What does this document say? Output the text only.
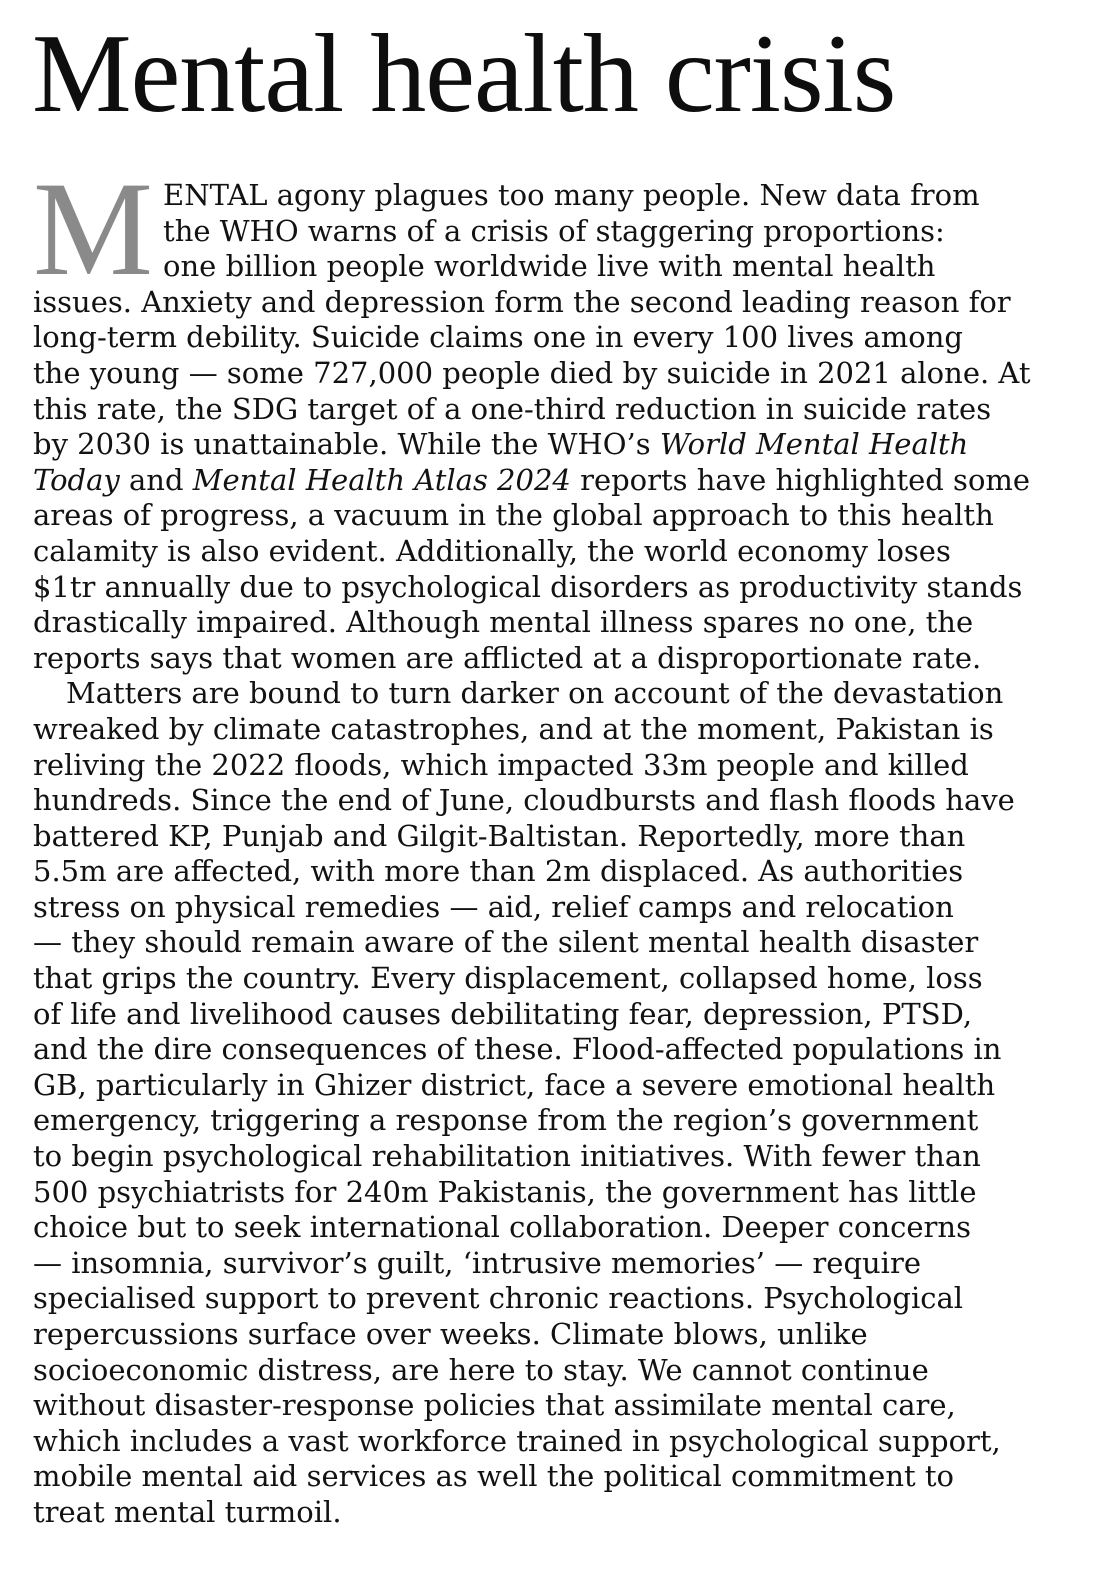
Mental health crisis

M ENTAL agony plagues too many people. New data from
the WHO warns of a crisis of staggering proportions:
one billion people worldwide live with mental health
issues. Anxiety and depression form the second leading reason for
long-term debility. Suicide claims one in every 100 lives among
the young — some 727,000 people died by suicide in 2021 alone. At
this rate, the SDG target of a one-third reduction in suicide rates
by 2030 is unattainable. While the WHO’s World Mental Health
Today and Mental Health Atlas 2024 reports have highlighted some
areas of progress, a vacuum in the global approach to this health
calamity is also evident. Additionally, the world economy loses
$1tr annually due to psychological disorders as productivity stands
drastically impaired. Although mental illness spares no one, the
reports says that women are afflicted at a disproportionate rate.

Matters are bound to turn darker on account of the devastation
wreaked by climate catastrophes, and at the moment, Pakistan is
reliving the 2022 floods, which impacted 33m people and killed
hundreds. Since the end of June, cloudbursts and flash floods have
battered KP, Punjab and Gilgit-Baltistan. Reportedly, more than
5.5m are affected, with more than 2m displaced. As authorities
stress on physical remedies — aid, relief camps and relocation
— they should remain aware of the silent mental health disaster
that grips the country. Every displacement, collapsed home, loss
of life and livelihood causes debilitating fear, depression, PTSD,
and the dire consequences of these. Flood-affected populations in
GB, particularly in Ghizer district, face a severe emotional health
emergency, triggering a response from the region’s government
to begin psychological rehabilitation initiatives. With fewer than
500 psychiatrists for 240m Pakistanis, the government has little
choice but to seek international collaboration. Deeper concerns
— insomnia, survivor’s guilt, ‘intrusive memories’ — require
specialised support to prevent chronic reactions. Psychological
repercussions surface over weeks. Climate blows, unlike
socioeconomic distress, are here to stay. We cannot continue
without disaster-response policies that assimilate mental care,
which includes a vast workforce trained in psychological support,
mobile mental aid services as well the political commitment to
treat mental turmoil.
